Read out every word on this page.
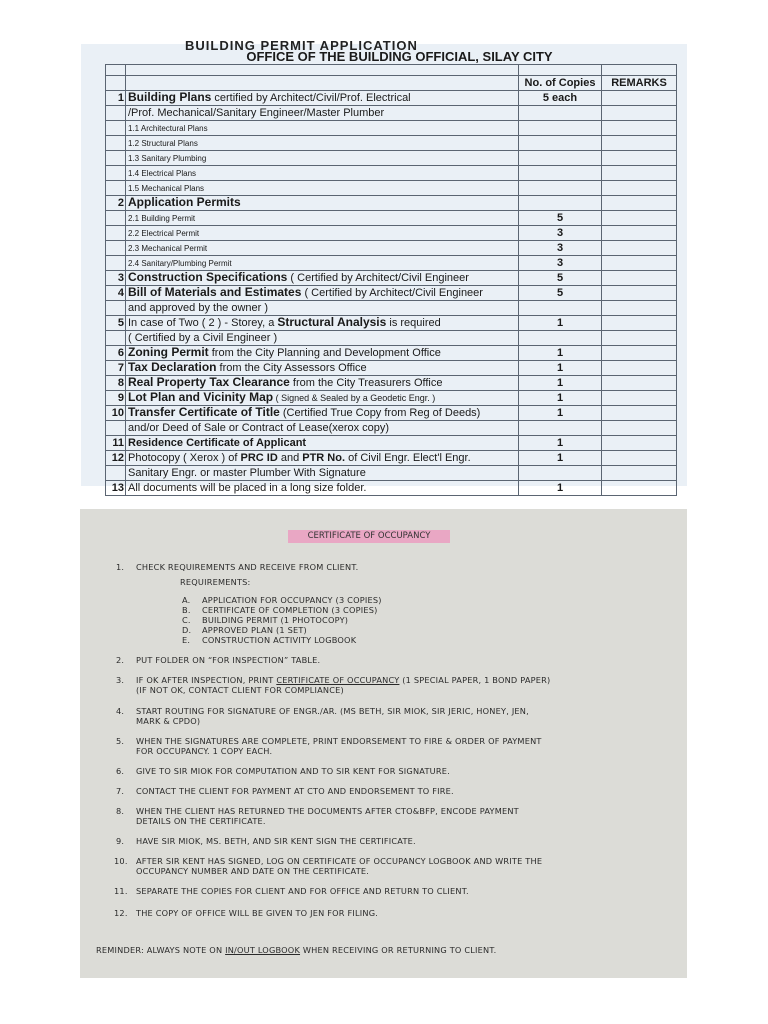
BUILDING PERMIT APPLICATION
OFFICE OF THE BUILDING OFFICIAL, SILAY CITY

		No. of Copies	REMARKS
1	Building Plans certified by Architect/Civil/Prof. Electrical	5 each	
	/Prof. Mechanical/Sanitary Engineer/Master Plumber		
	1.1 Architectural Plans		
	1.2 Structural Plans		
	1.3 Sanitary Plumbing		
	1.4 Electrical Plans		
	1.5 Mechanical Plans		
2	Application Permits		
	2.1 Building Permit	5	
	2.2 Electrical Permit	3	
	2.3 Mechanical Permit	3	
	2.4 Sanitary/Plumbing Permit	3	
3	Construction Specifications ( Certified by Architect/Civil Engineer	5	
4	Bill of Materials and Estimates ( Certified by Architect/Civil Engineer	5	
	and approved by the owner )		
5	In case of Two ( 2 ) - Storey, a Structural Analysis is required	1	
	( Certified by a Civil Engineer )		
6	Zoning Permit from the City Planning and Development Office	1	
7	Tax Declaration from the City Assessors Office	1	
8	Real Property Tax Clearance from the City Treasurers Office	1	
9	Lot Plan and Vicinity Map ( Signed & Sealed by a Geodetic Engr. )	1	
10	Transfer Certificate of Title (Certified True Copy from Reg of Deeds)	1	
	and/or Deed of Sale or Contract of Lease(xerox copy)		
11	Residence Certificate of Applicant	1	
12	Photocopy ( Xerox ) of PRC ID and PTR No. of Civil Engr. Elect'l Engr.	1	
	Sanitary Engr. or master Plumber With Signature		
13	All documents will be placed in a long size folder.	1	
CERTIFICATE OF OCCUPANCY
1. CHECK REQUIREMENTS AND RECEIVE FROM CLIENT.
REQUIREMENTS:
A. APPLICATION FOR OCCUPANCY (3 COPIES)
B. CERTIFICATE OF COMPLETION (3 COPIES)
C. BUILDING PERMIT (1 PHOTOCOPY)
D. APPROVED PLAN (1 SET)
E. CONSTRUCTION ACTIVITY LOGBOOK
2. PUT FOLDER ON “FOR INSPECTION” TABLE.
3. IF OK AFTER INSPECTION, PRINT CERTIFICATE OF OCCUPANCY (1 SPECIAL PAPER, 1 BOND PAPER)
(IF NOT OK, CONTACT CLIENT FOR COMPLIANCE)
4. START ROUTING FOR SIGNATURE OF ENGR./AR. (MS BETH, SIR MIOK, SIR JERIC, HONEY, JEN,
MARK & CPDO)
5. WHEN THE SIGNATURES ARE COMPLETE, PRINT ENDORSEMENT TO FIRE & ORDER OF PAYMENT
FOR OCCUPANCY. 1 COPY EACH.
6. GIVE TO SIR MIOK FOR COMPUTATION AND TO SIR KENT FOR SIGNATURE.
7. CONTACT THE CLIENT FOR PAYMENT AT CTO AND ENDORSEMENT TO FIRE.
8. WHEN THE CLIENT HAS RETURNED THE DOCUMENTS AFTER CTO&BFP, ENCODE PAYMENT
DETAILS ON THE CERTIFICATE.
9. HAVE SIR MIOK, MS. BETH, AND SIR KENT SIGN THE CERTIFICATE.
10. AFTER SIR KENT HAS SIGNED, LOG ON CERTIFICATE OF OCCUPANCY LOGBOOK AND WRITE THE
OCCUPANCY NUMBER AND DATE ON THE CERTIFICATE.
11. SEPARATE THE COPIES FOR CLIENT AND FOR OFFICE AND RETURN TO CLIENT.
12. THE COPY OF OFFICE WILL BE GIVEN TO JEN FOR FILING.
REMINDER: ALWAYS NOTE ON IN/OUT LOGBOOK WHEN RECEIVING OR RETURNING TO CLIENT.
